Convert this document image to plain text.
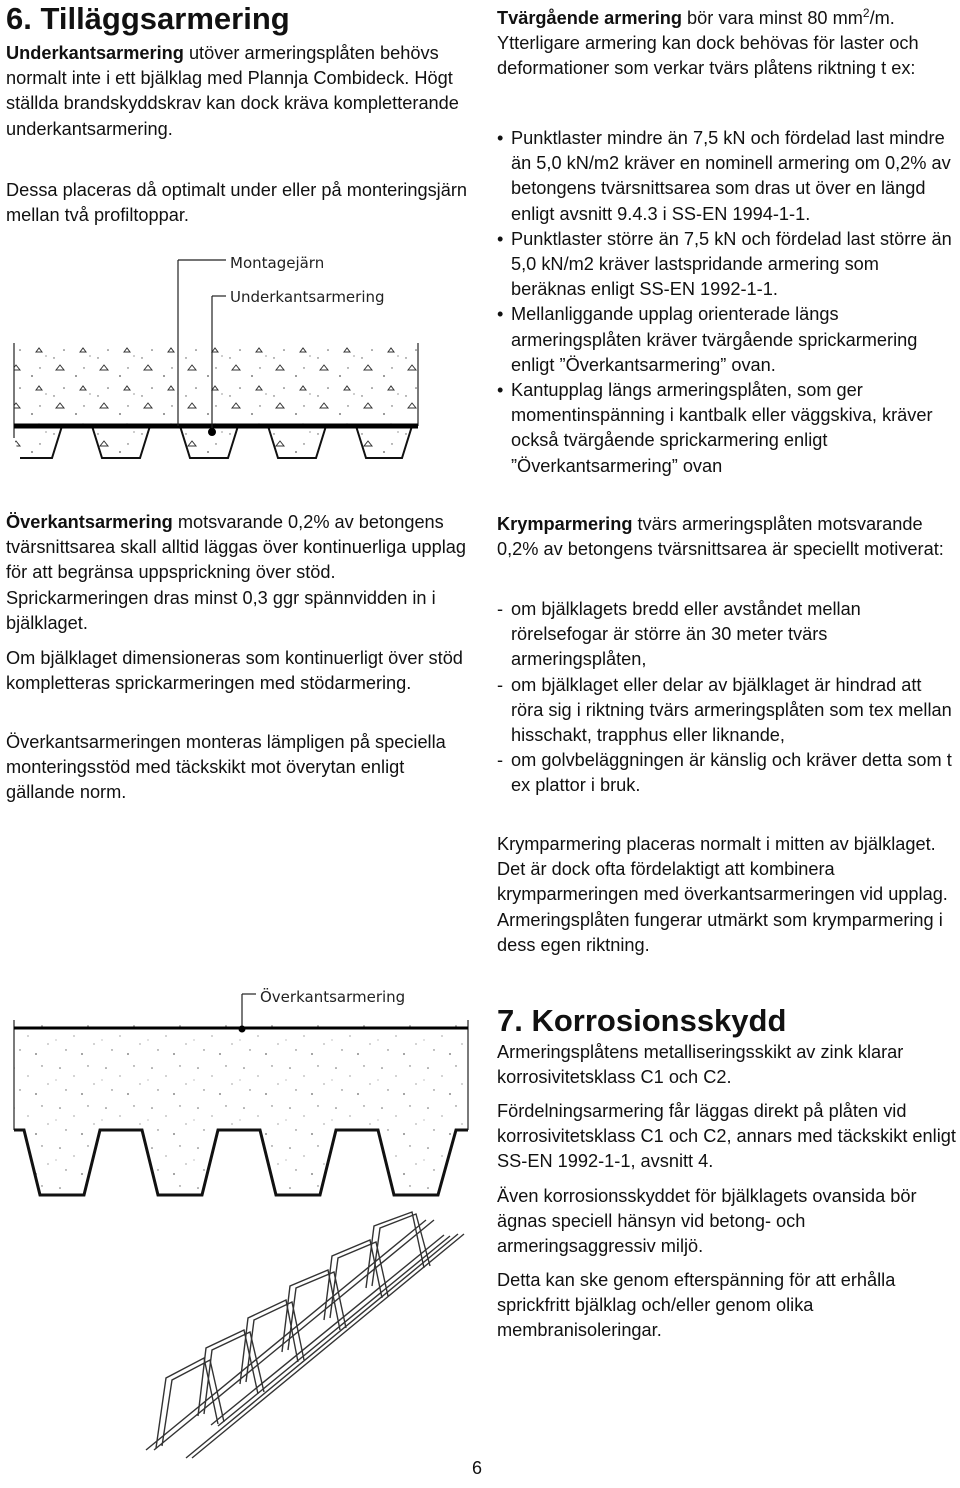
6. Tilläggsarmering

Underkantsarmering utöver armeringsplåten behövs normalt inte i ett bjälklag med Plannja Combideck. Högt ställda brandskyddskrav kan dock kräva kompletterande underkantsarmering.

Dessa placeras då optimalt under eller på monteringsjärn mellan två profiltoppar.

Montagejärn
Underkantsarmering

Överkantsarmering motsvarande 0,2% av betongens tvärsnittsarea skall alltid läggas över kontinuerliga upplag för att begränsa uppsprickning över stöd. Sprickarmeringen dras minst 0,3 ggr spännvidden in i bjälklaget.

Om bjälklaget dimensioneras som kontinuerligt över stöd kompletteras sprickarmeringen med stödarmering.

Överkantsarmeringen monteras lämpligen på speciella monteringsstöd med täckskikt mot överytan enligt gällande norm.

Överkantsarmering

Tvärgående armering bör vara minst 80 $mm^2/m$. Ytterligare armering kan dock behövas för laster och deformationer som verkar tvärs plåtens riktning t ex:

• Punktlaster mindre än 7,5 kN och fördelad last mindre än 5,0 kN/m2 kräver en nominell armering om 0,2% av betongens tvärsnittsarea som dras ut över en längd enligt avsnitt 9.4.3 i SS-EN 1994-1-1.
• Punktlaster större än 7,5 kN och fördelad last större än 5,0 kN/m2 kräver lastspridande armering som beräknas enligt SS-EN 1992-1-1.
• Mellanliggande upplag orienterade längs armeringsplåten kräver tvärgående sprickarmering enligt ”Överkantsarmering” ovan.
• Kantupplag längs armeringsplåten, som ger momentinspänning i kantbalk eller väggskiva, kräver också tvärgående sprickarmering enligt ”Överkantsarmering” ovan

Krymparmering tvärs armeringsplåten motsvarande 0,2% av betongens tvärsnittsarea är speciellt motiverat:

- om bjälklagets bredd eller avståndet mellan rörelsefogar är större än 30 meter tvärs armeringsplåten,
- om bjälklaget eller delar av bjälklaget är hindrad att röra sig i riktning tvärs armeringsplåten som tex mellan hisschakt, trapphus eller liknande,
- om golvbeläggningen är känslig och kräver detta som t ex plattor i bruk.

Krymparmering placeras normalt i mitten av bjälklaget. Det är dock ofta fördelaktigt att kombinera krymparmeringen med överkantsarmeringen vid upplag. Armeringsplåten fungerar utmärkt som krymparmering i dess egen riktning.

7. Korrosionsskydd

Armeringsplåtens metalliseringsskikt av zink klarar korrosivitetsklass C1 och C2.

Fördelningsarmering får läggas direkt på plåten vid korrosivitetsklass C1 och C2, annars med täckskikt enligt SS-EN 1992-1-1, avsnitt 4.

Även korrosionsskyddet för bjälklagets ovansida bör ägnas speciell hänsyn vid betong- och armeringsaggressiv miljö.

Detta kan ske genom efterspänning för att erhålla sprickfritt bjälklag och/eller genom olika membranisoleringar.

6
